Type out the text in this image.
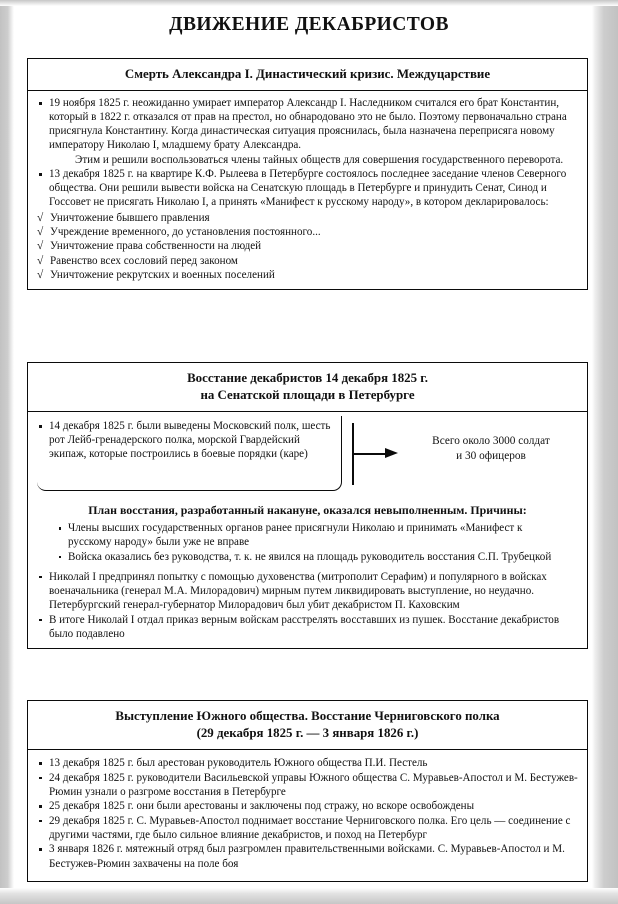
ДВИЖЕНИЕ ДЕКАБРИСТОВ
Смерть Александра I. Династический кризис. Междуцарствие
19 ноября 1825 г. неожиданно умирает император Александр I. Наследником считался его брат Константин, который в 1822 г. отказался от прав на престол, но обнародовано это не было. Поэтому первоначально страна присягнула Константину. Когда династическая ситуация прояснилась, была назначена переприсяга новому императору Николаю I, младшему брату Александра.
Этим и решили воспользоваться члены тайных обществ для совершения государственного переворота.
13 декабря 1825 г. на квартире К.Ф. Рылеева в Петербурге состоялось последнее заседание членов Северного общества. Они решили вывести войска на Сенатскую площадь в Петербурге и принудить Сенат, Синод и Госсовет не присягать Николаю I, а принять «Манифест к русскому народу», в котором декларировалось:
√ Уничтожение бывшего правления
√ Учреждение временного, до установления постоянного...
√ Уничтожение права собственности на людей
√ Равенство всех сословий перед законом
√ Уничтожение рекрутских и военных поселений
Восстание декабристов 14 декабря 1825 г.
на Сенатской площади в Петербурге
14 декабря 1825 г. были выведены Московский полк, шесть рот Лейб-гренадерского полка, морской Гвардейский экипаж, которые построились в боевые порядки (каре)
Всего около 3000 солдат
и 30 офицеров
План восстания, разработанный накануне, оказался невыполненным. Причины:
Члены высших государственных органов ранее присягнули Николаю и принимать «Манифест к русскому народу» были уже не вправе
Войска оказались без руководства, т. к. не явился на площадь руководитель восстания С.П. Трубецкой
Николай I предпринял попытку с помощью духовенства (митрополит Серафим) и популярного в войсках военачальника (генерал М.А. Милорадович) мирным путем ликвидировать выступление, но неудачно. Петербургский генерал-губернатор Милорадович был убит декабристом П. Каховским
В итоге Николай I отдал приказ верным войскам расстрелять восставших из пушек. Восстание декабристов было подавлено
Выступление Южного общества. Восстание Черниговского полка
(29 декабря 1825 г. — 3 января 1826 г.)
13 декабря 1825 г. был арестован руководитель Южного общества П.И. Пестель
24 декабря 1825 г. руководители Васильевской управы Южного общества С. Муравьев-Апостол и М. Бестужев-Рюмин узнали о разгроме восстания в Петербурге
25 декабря 1825 г. они были арестованы и заключены под стражу, но вскоре освобождены
29 декабря 1825 г. С. Муравьев-Апостол поднимает восстание Черниговского полка. Его цель — соединение с другими частями, где было сильное влияние декабристов, и поход на Петербург
3 января 1826 г. мятежный отряд был разгромлен правительственными войсками. С. Муравьев-Апостол и М. Бестужев-Рюмин захвачены на поле боя
